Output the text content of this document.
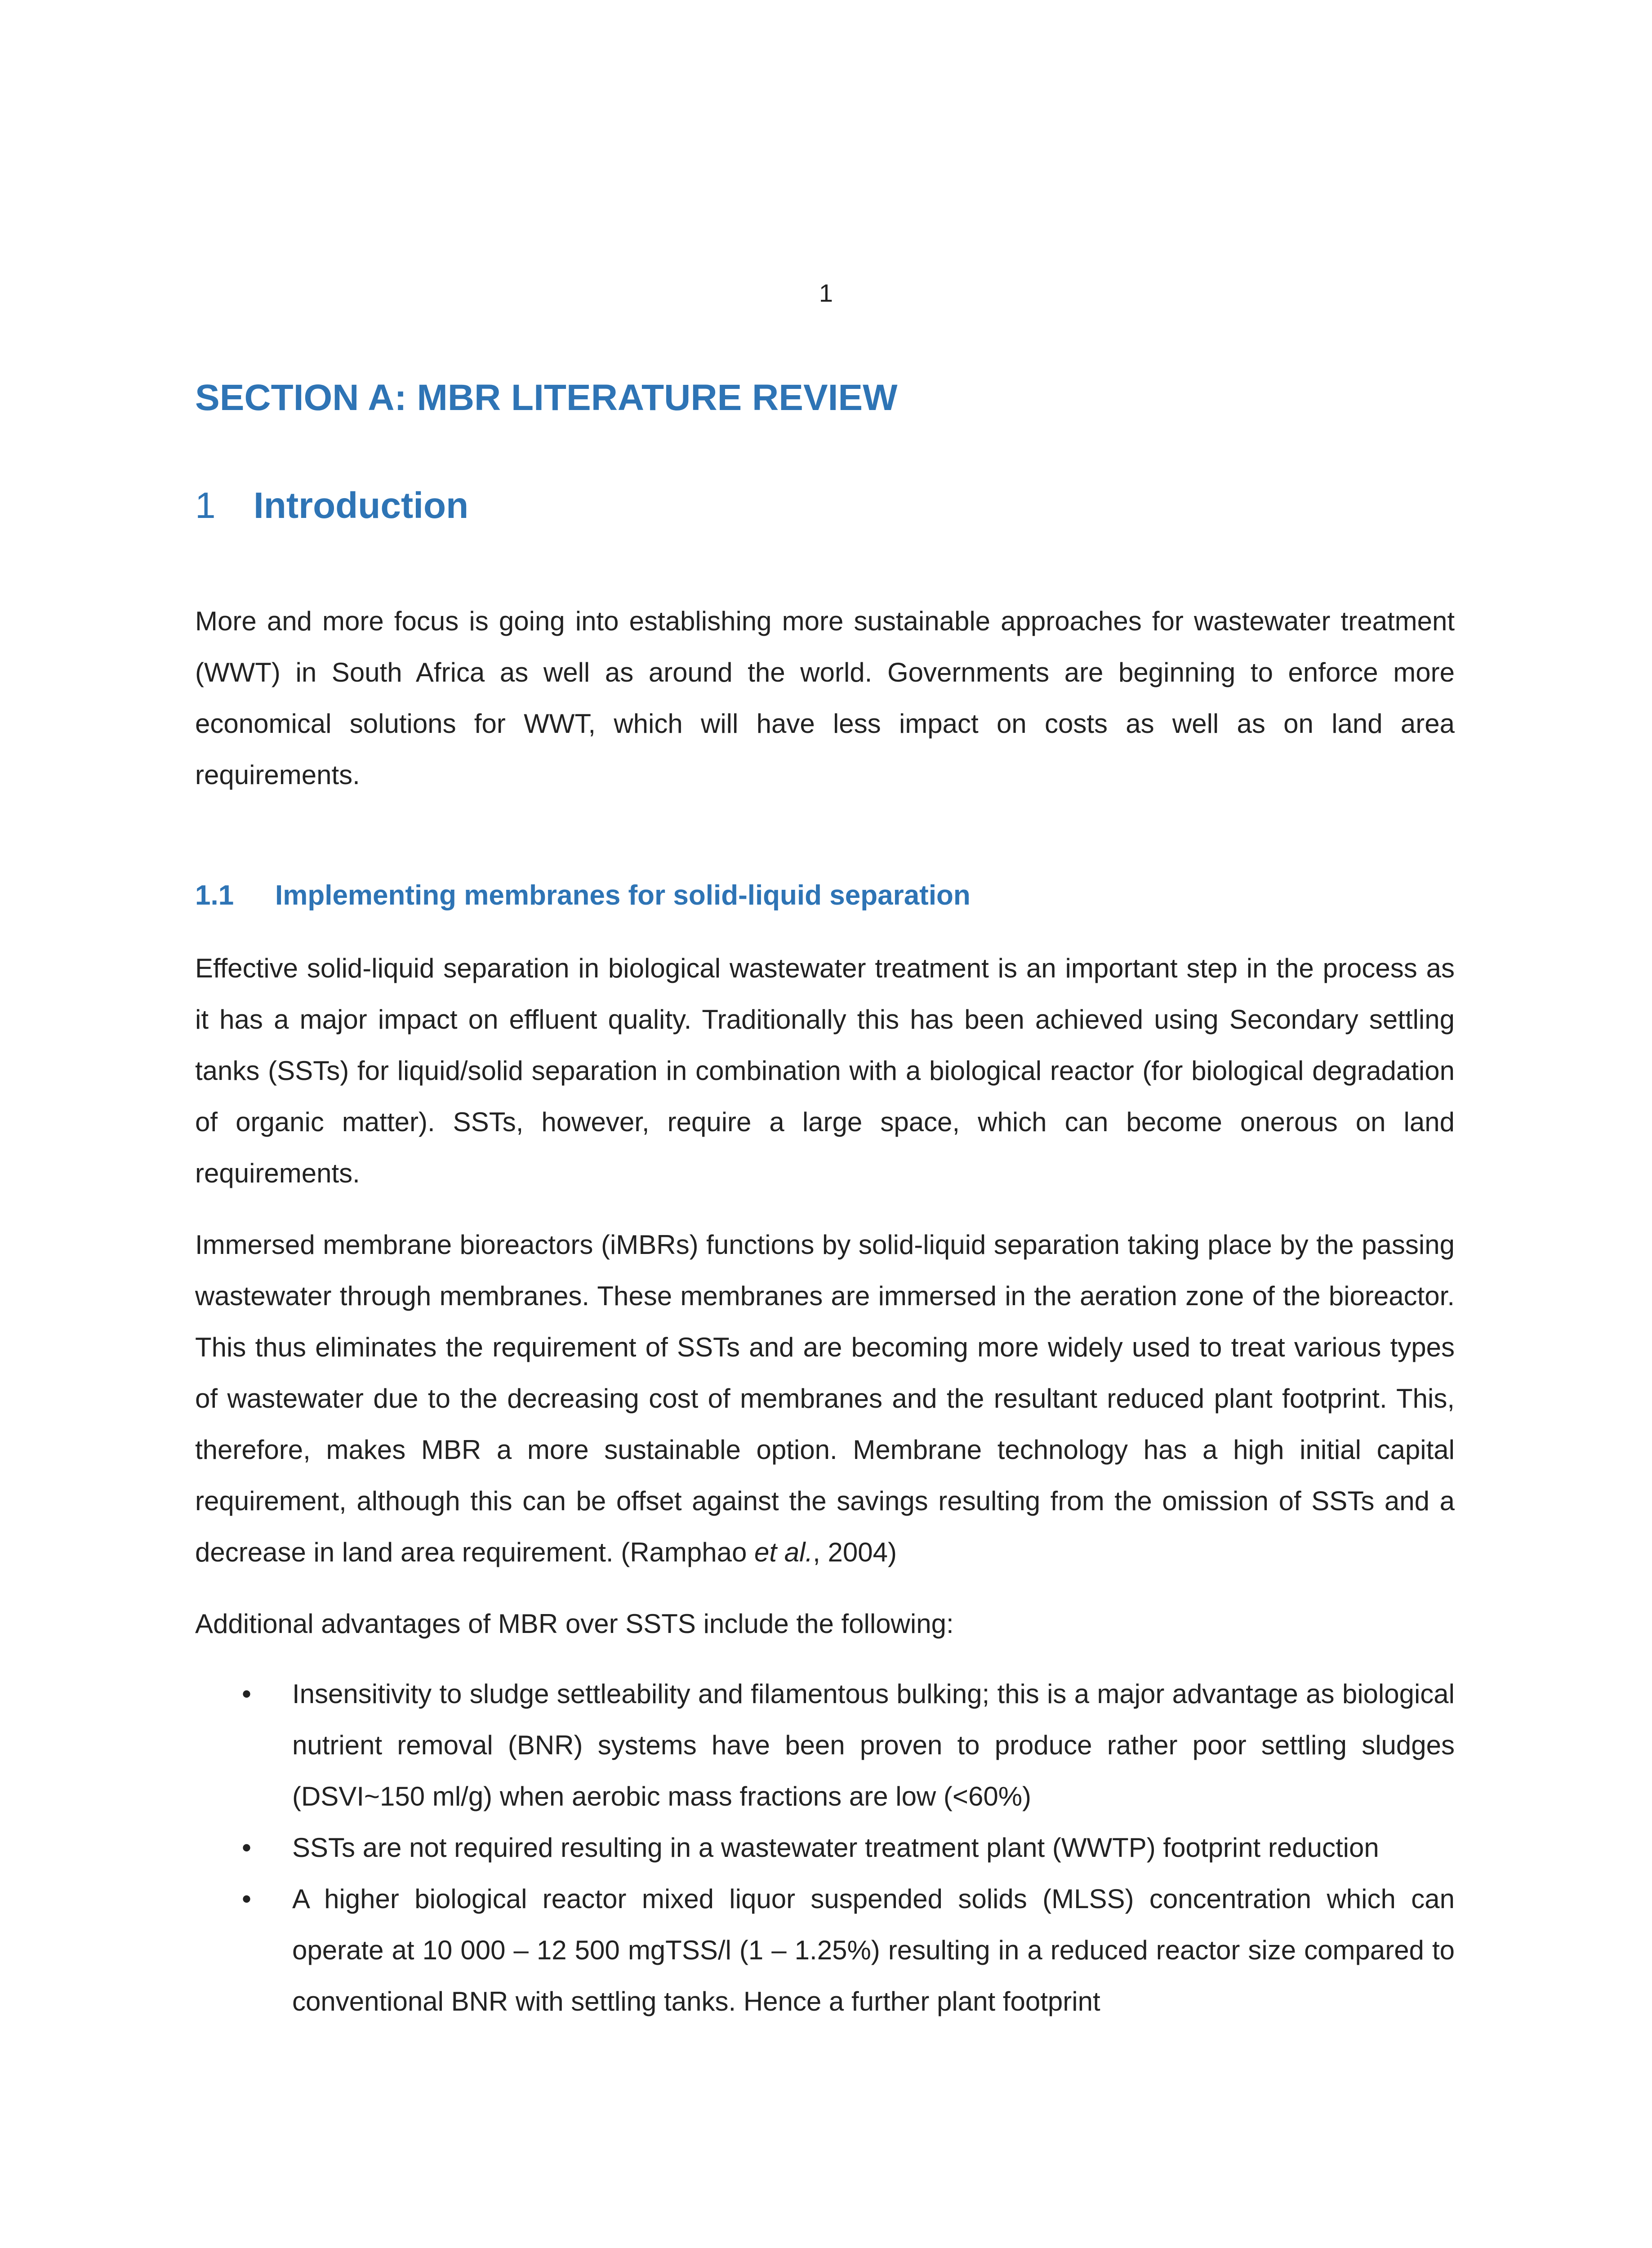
1
SECTION A: MBR LITERATURE REVIEW
1	Introduction

More and more focus is going into establishing more sustainable approaches for wastewater treatment (WWT) in South Africa as well as around the world. Governments are beginning to enforce more economical solutions for WWT, which will have less impact on costs as well as on land area requirements.

1.1	Implementing membranes for solid-liquid separation

Effective solid-liquid separation in biological wastewater treatment is an important step in the process as it has a major impact on effluent quality. Traditionally this has been achieved using Secondary settling tanks (SSTs) for liquid/solid separation in combination with a biological reactor (for biological degradation of organic matter). SSTs, however, require a large space, which can become onerous on land requirements.

Immersed membrane bioreactors (iMBRs) functions by solid-liquid separation taking place by the passing wastewater through membranes. These membranes are immersed in the aeration zone of the bioreactor. This thus eliminates the requirement of SSTs and are becoming more widely used to treat various types of wastewater due to the decreasing cost of membranes and the resultant reduced plant footprint. This, therefore, makes MBR a more sustainable option. Membrane technology has a high initial capital requirement, although this can be offset against the savings resulting from the omission of SSTs and a decrease in land area requirement. (Ramphao et al., 2004)

Additional advantages of MBR over SSTS include the following:

•	Insensitivity to sludge settleability and filamentous bulking; this is a major advantage as biological nutrient removal (BNR) systems have been proven to produce rather poor settling sludges (DSVI~150 ml/g) when aerobic mass fractions are low (<60%)
•	SSTs are not required resulting in a wastewater treatment plant (WWTP) footprint reduction
•	A higher biological reactor mixed liquor suspended solids (MLSS) concentration which can operate at 10 000 – 12 500 mgTSS/l (1 – 1.25%) resulting in a reduced reactor size compared to conventional BNR with settling tanks. Hence a further plant footprint
